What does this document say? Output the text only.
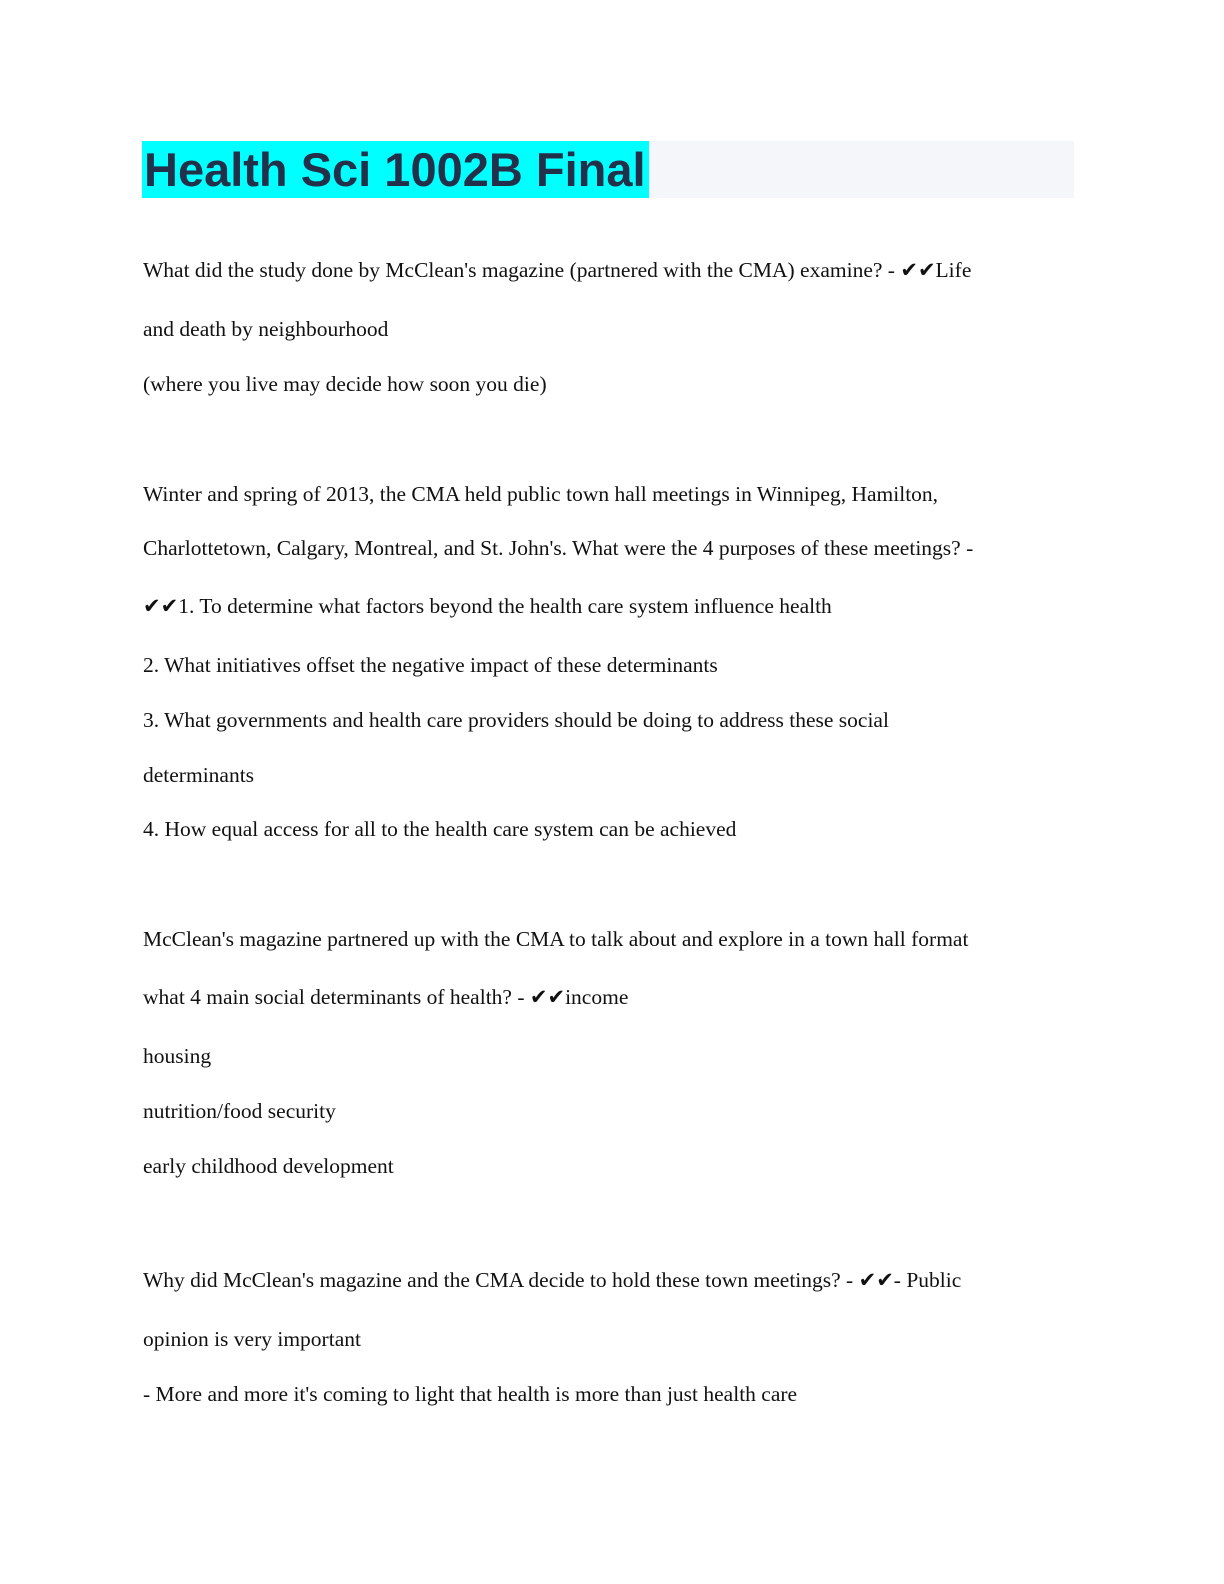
Health Sci 1002B Final
What did the study done by McClean's magazine (partnered with the CMA) examine? - ✔✔Life
and death by neighbourhood
(where you live may decide how soon you die)
Winter and spring of 2013, the CMA held public town hall meetings in Winnipeg, Hamilton,
Charlottetown, Calgary, Montreal, and St. John's. What were the 4 purposes of these meetings? -
✔✔1. To determine what factors beyond the health care system influence health
2. What initiatives offset the negative impact of these determinants
3. What governments and health care providers should be doing to address these social
determinants
4. How equal access for all to the health care system can be achieved
McClean's magazine partnered up with the CMA to talk about and explore in a town hall format
what 4 main social determinants of health? - ✔✔income
housing
nutrition/food security
early childhood development
Why did McClean's magazine and the CMA decide to hold these town meetings? - ✔✔- Public
opinion is very important
- More and more it's coming to light that health is more than just health care
